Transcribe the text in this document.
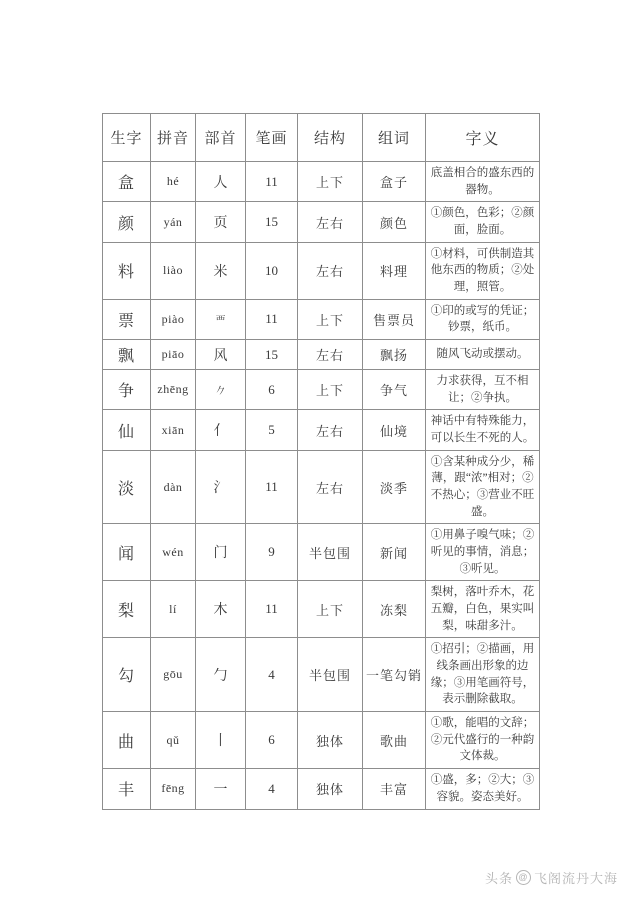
生字	拼音	部首	笔画	结构	组词	字义
盒	hé	人	11	上下	盒子	底盖相合的盛东西的器物。
颜	yán	页	15	左右	颜色	①颜色，色彩；②颜面，脸面。
料	liào	米	10	左右	料理	①材料，可供制造其他东西的物质；②处理，照管。
票	piào	覀	11	上下	售票员	①印的或写的凭证；钞票，纸币。
飘	piāo	风	15	左右	飘扬	随风飞动或摆动。
争	zhēng	𠂊	6	上下	争气	力求获得，互不相让；②争执。
仙	xiān	亻	5	左右	仙境	神话中有特殊能力，可以长生不死的人。
淡	dàn	氵	11	左右	淡季	①含某种成分少，稀薄，跟“浓”相对；②不热心；③营业不旺盛。
闻	wén	门	9	半包围	新闻	①用鼻子嗅气味；②听见的事情，消息；③听见。
梨	lí	木	11	上下	冻梨	梨树，落叶乔木，花五瓣，白色，果实叫梨，味甜多汁。
勾	gōu	勹	4	半包围	一笔勾销	①招引；②描画，用线条画出形象的边缘；③用笔画符号，表示删除截取。
曲	qǔ	丨	6	独体	歌曲	①歌，能唱的文辞；②元代盛行的一种韵文体裁。
丰	fēng	一	4	独体	丰富	①盛，多；②大；③容貌。姿态美好。
头条 @ 飞阁流丹大海
